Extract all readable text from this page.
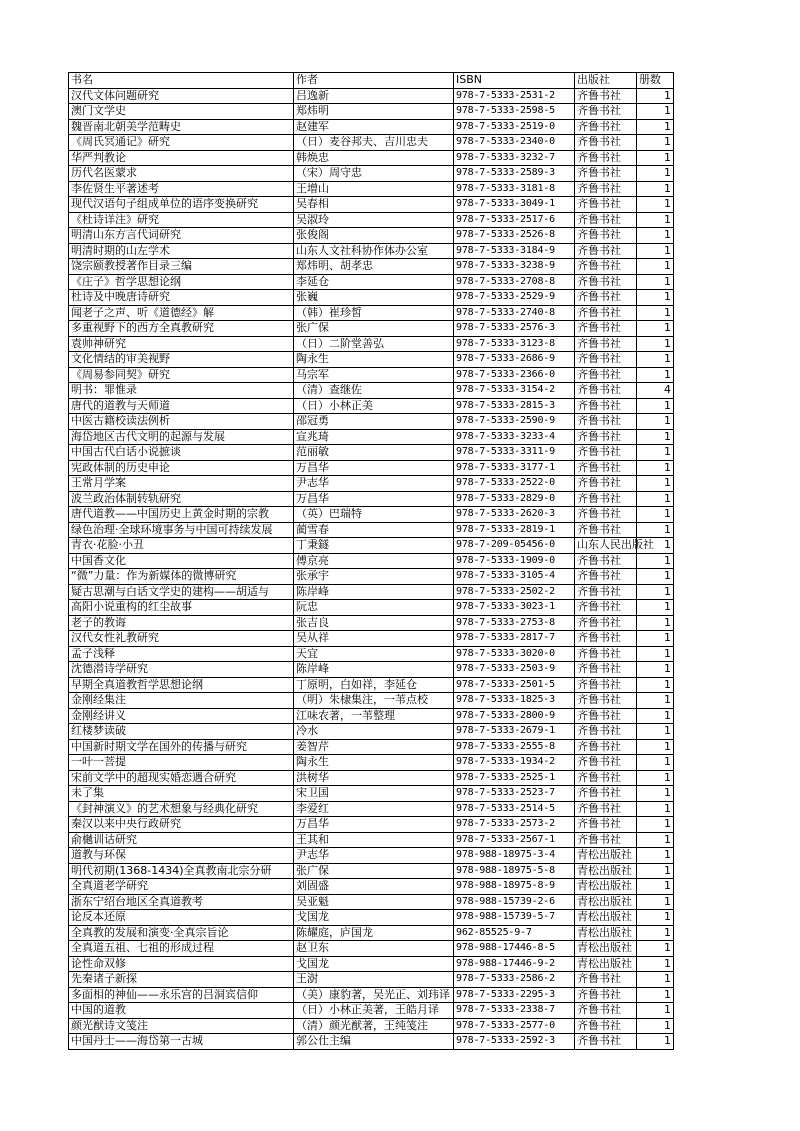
书名	作者	ISBN	出版社	册数
汉代文体问题研究	吕逸新	978-7-5333-2531-2	齐鲁书社	1
澳门文学史	郑炜明	978-7-5333-2598-5	齐鲁书社	1
魏晋南北朝美学范畴史	赵建军	978-7-5333-2519-0	齐鲁书社	1
《周氏冥通记》研究	（日）麦谷邦夫、吉川忠夫	978-7-5333-2340-0	齐鲁书社	1
华严判教论	韩焕忠	978-7-5333-3232-7	齐鲁书社	1
历代名医蒙求	（宋）周守忠	978-7-5333-2589-3	齐鲁书社	1
李佐贤生平著述考	王增山	978-7-5333-3181-8	齐鲁书社	1
现代汉语句子组成单位的语序变换研究	吴春相	978-7-5333-3049-1	齐鲁书社	1
《杜诗详注》研究	吴淑玲	978-7-5333-2517-6	齐鲁书社	1
明清山东方言代词研究	张俊阁	978-7-5333-2526-8	齐鲁书社	1
明清时期的山左学术	山东人文社科协作体办公室	978-7-5333-3184-9	齐鲁书社	1
饶宗颐教授著作目录三编	郑炜明、胡孝忠	978-7-5333-3238-9	齐鲁书社	1
《庄子》哲学思想论纲	李延仓	978-7-5333-2708-8	齐鲁书社	1
杜诗及中晚唐诗研究	张巍	978-7-5333-2529-9	齐鲁书社	1
闻老子之声、听《道德经》解	（韩）崔珍皙	978-7-5333-2740-8	齐鲁书社	1
多重视野下的西方全真教研究	张广保	978-7-5333-2576-3	齐鲁书社	1
袁帅神研究	（日）二阶堂善弘	978-7-5333-3123-8	齐鲁书社	1
文化情结的审美视野	陶永生	978-7-5333-2686-9	齐鲁书社	1
《周易参同契》研究	马宗军	978-7-5333-2366-0	齐鲁书社	1
明书：罪惟录	（清）查继佐	978-7-5333-3154-2	齐鲁书社	4
唐代的道教与天师道	（日）小林正美	978-7-5333-2815-3	齐鲁书社	1
中医古籍校读法例析	邵冠勇	978-7-5333-2590-9	齐鲁书社	1
海岱地区古代文明的起源与发展	宣兆琦	978-7-5333-3233-4	齐鲁书社	1
中国古代白话小说摭谈	范丽敏	978-7-5333-3311-9	齐鲁书社	1
宪政体制的历史申论	万昌华	978-7-5333-3177-1	齐鲁书社	1
王常月学案	尹志华	978-7-5333-2522-0	齐鲁书社	1
波兰政治体制转轨研究	万昌华	978-7-5333-2829-0	齐鲁书社	1
唐代道教——中国历史上黄金时期的宗教	（英）巴瑞特	978-7-5333-2620-3	齐鲁书社	1
绿色治理·全球环境事务与中国可持续发展	蔺雪春	978-7-5333-2819-1	齐鲁书社	1
青衣·花脸·小丑	丁秉鐩	978-7-209-05456-0	山东人民出版社	1
中国香文化	傅京亮	978-7-5333-1909-0	齐鲁书社	1
“微”力量：作为新媒体的微博研究	张承宇	978-7-5333-3105-4	齐鲁书社	1
疑古思潮与白话文学史的建构——胡适与	陈岸峰	978-7-5333-2502-2	齐鲁书社	1
高阳小说重构的红尘故事	阮忠	978-7-5333-3023-1	齐鲁书社	1
老子的教诲	张吉良	978-7-5333-2753-8	齐鲁书社	1
汉代女性礼教研究	吴从祥	978-7-5333-2817-7	齐鲁书社	1
孟子浅释	天宜	978-7-5333-3020-0	齐鲁书社	1
沈德潜诗学研究	陈岸峰	978-7-5333-2503-9	齐鲁书社	1
早期全真道教哲学思想论纲	丁原明，白如祥，李延仓	978-7-5333-2501-5	齐鲁书社	1
金刚经集注	（明）朱棣集注，一苇点校	978-7-5333-1825-3	齐鲁书社	1
金刚经讲义	江味农著，一苇整理	978-7-5333-2800-9	齐鲁书社	1
红楼梦读破	冷水	978-7-5333-2679-1	齐鲁书社	1
中国新时期文学在国外的传播与研究	姜智芹	978-7-5333-2555-8	齐鲁书社	1
一叶一菩提	陶永生	978-7-5333-1934-2	齐鲁书社	1
宋前文学中的超现实婚恋遇合研究	洪树华	978-7-5333-2525-1	齐鲁书社	1
未了集	宋卫国	978-7-5333-2523-7	齐鲁书社	1
《封神演义》的艺术想象与经典化研究	李爱红	978-7-5333-2514-5	齐鲁书社	1
秦汉以来中央行政研究	万昌华	978-7-5333-2573-2	齐鲁书社	1
俞樾训诂研究	王其和	978-7-5333-2567-1	齐鲁书社	1
道教与环保	尹志华	978-988-18975-3-4	青松出版社	1
明代初期(1368-1434)全真教南北宗分研	张广保	978-988-18975-5-8	青松出版社	1
全真道老学研究	刘固盛	978-988-18975-8-9	青松出版社	1
浙东宁绍台地区全真道教考	吴亚魁	978-988-15739-2-6	青松出版社	1
论反本还原	戈国龙	978-988-15739-5-7	青松出版社	1
全真教的发展和演变·全真宗旨论	陈耀庭，庐国龙	962-85525-9-7	青松出版社	1
全真道五祖、七祖的形成过程	赵卫东	978-988-17446-8-5	青松出版社	1
论性命双修	戈国龙	978-988-17446-9-2	青松出版社	1
先秦诸子新探	王澍	978-7-5333-2586-2	齐鲁书社	1
多面相的神仙——永乐宫的吕洞宾信仰	（美）康豹著，吴光正、刘玮译	978-7-5333-2295-3	齐鲁书社	1
中国的道教	（日）小林正美著，王皓月译	978-7-5333-2338-7	齐鲁书社	1
颜光猷诗文笺注	（清）颜光猷著，王纯笺注	978-7-5333-2577-0	齐鲁书社	1
中国丹士——海岱第一古城	郭公仕主编	978-7-5333-2592-3	齐鲁书社	1
